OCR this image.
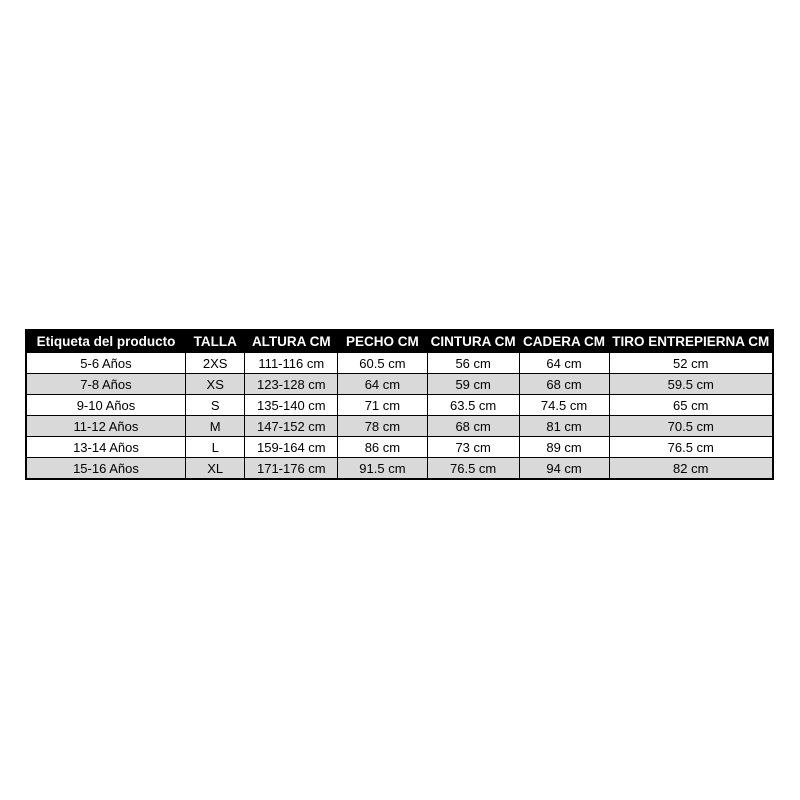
Etiqueta del producto	TALLA	ALTURA CM	PECHO CM	CINTURA CM	CADERA CM	TIRO ENTREPIERNA CM
5-6 Años	2XS	111-116 cm	60.5 cm	56 cm	64 cm	52 cm
7-8 Años	XS	123-128 cm	64 cm	59 cm	68 cm	59.5 cm
9-10 Años	S	135-140 cm	71 cm	63.5 cm	74.5 cm	65 cm
11-12 Años	M	147-152 cm	78 cm	68 cm	81 cm	70.5 cm
13-14 Años	L	159-164 cm	86 cm	73 cm	89 cm	76.5 cm
15-16 Años	XL	171-176 cm	91.5 cm	76.5 cm	94 cm	82 cm
